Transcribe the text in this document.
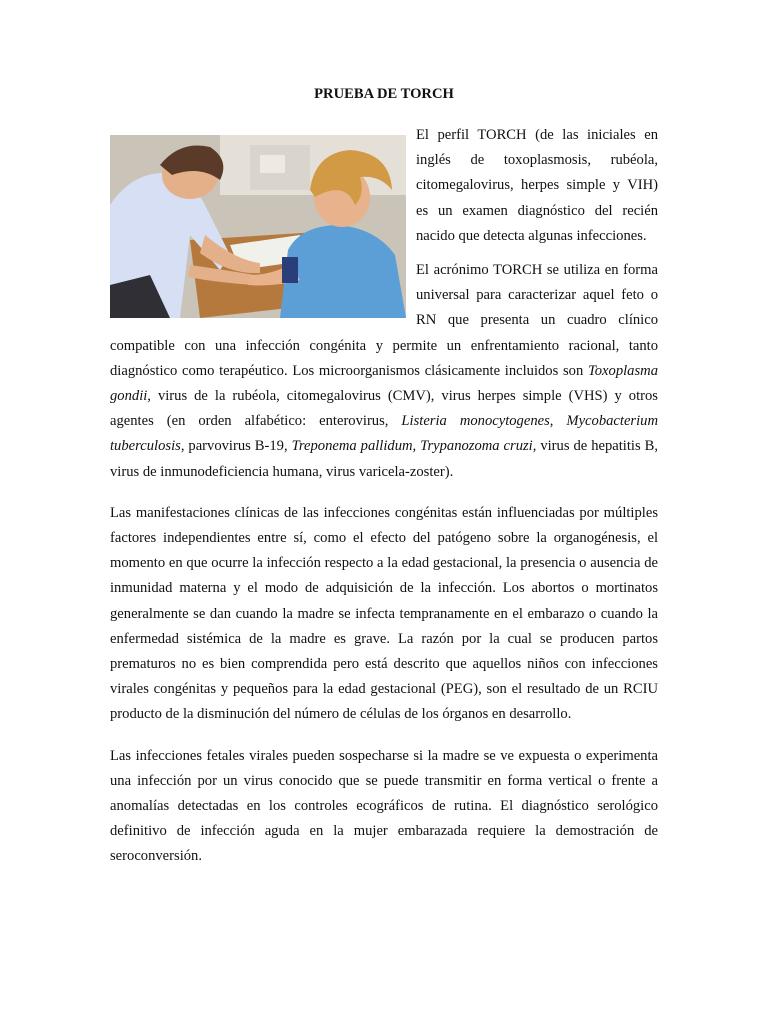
PRUEBA DE TORCH

El perfil TORCH (de las iniciales en inglés de toxoplasmosis, rubéola, citomegalovirus, herpes simple y VIH) es un examen diagnóstico del recién nacido que detecta algunas infecciones.

El acrónimo TORCH se utiliza en forma universal para caracterizar aquel feto o RN que presenta un cuadro clínico compatible con una infección congénita y permite un enfrentamiento racional, tanto diagnóstico como terapéutico. Los microorganismos clásicamente incluidos son Toxoplasma gondii, virus de la rubéola, citomegalovirus (CMV), virus herpes simple (VHS) y otros agentes (en orden alfabético: enterovirus, Listeria monocytogenes, Mycobacterium tuberculosis, parvovirus B-19, Treponema pallidum, Trypanozoma cruzi, virus de hepatitis B, virus de inmunodeficiencia humana, virus varicela-zoster).

Las manifestaciones clínicas de las infecciones congénitas están influenciadas por múltiples factores independientes entre sí, como el efecto del patógeno sobre la organogénesis, el momento en que ocurre la infección respecto a la edad gestacional, la presencia o ausencia de inmunidad materna y el modo de adquisición de la infección. Los abortos o mortinatos generalmente se dan cuando la madre se infecta tempranamente en el embarazo o cuando la enfermedad sistémica de la madre es grave. La razón por la cual se producen partos prematuros no es bien comprendida pero está descrito que aquellos niños con infecciones virales congénitas y pequeños para la edad gestacional (PEG), son el resultado de un RCIU producto de la disminución del número de células de los órganos en desarrollo.

Las infecciones fetales virales pueden sospecharse si la madre se ve expuesta o experimenta una infección por un virus conocido que se puede transmitir en forma vertical o frente a anomalías detectadas en los controles ecográficos de rutina. El diagnóstico serológico definitivo de infección aguda en la mujer embarazada requiere la demostración de seroconversión.
